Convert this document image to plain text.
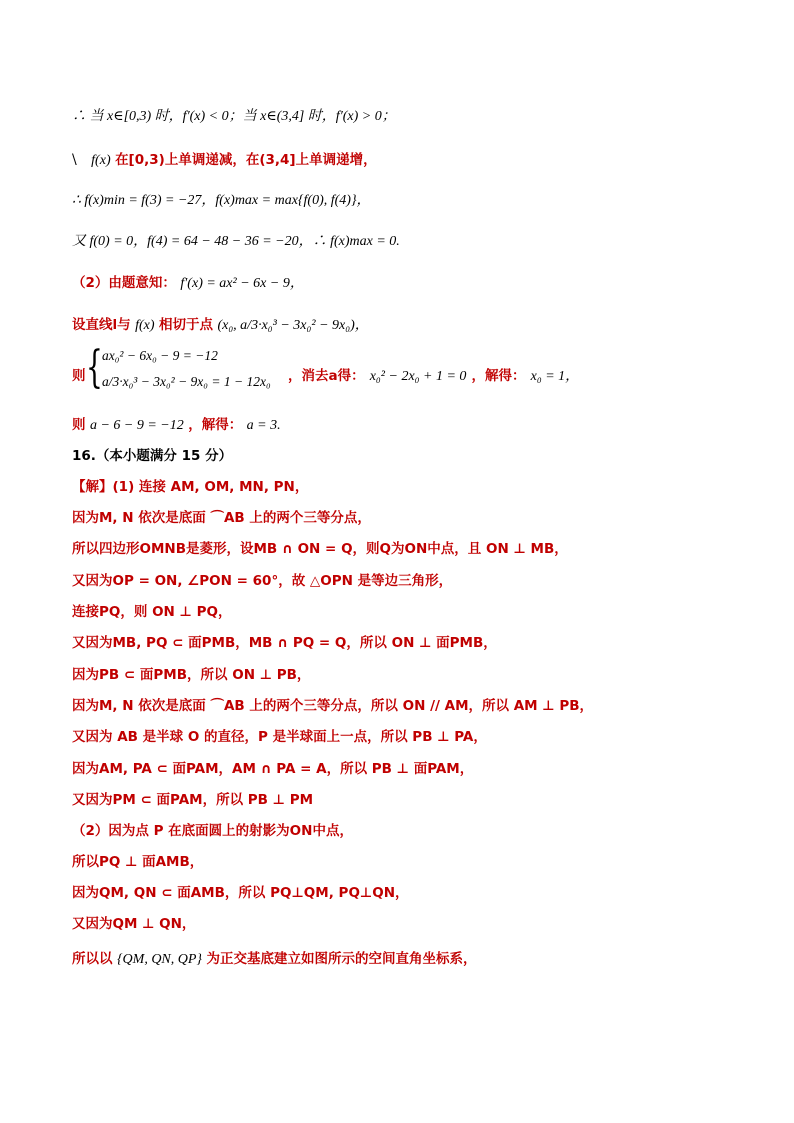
∴ 当 x∈[0,3) 时，f′(x) < 0；当 x∈(3,4] 时，f′(x) > 0；
\ f(x) 在[0,3)上单调递减，在(3,4]上单调递增，
∴ f(x)min = f(3) = −27，f(x)max = max{f(0), f(4)}，
又 f(0) = 0，f(4) = 64 − 48 − 36 = −20，∴ f(x)max = 0.
（2）由题意知： f′(x) = ax² − 6x − 9，
设直线l与 f(x) 相切于点 (x₀, a/3·x₀³ − 3x₀² − 9x₀)，
则 { ax₀² − 6x₀ − 9 = −12
a/3·x₀³ − 3x₀² − 9x₀ = 1 − 12x₀ ，消去a得： x₀² − 2x₀ + 1 = 0 ，解得： x₀ = 1，
则 a − 6 − 9 = −12 ，解得： a = 3.
16.（本小题满分 15 分）
【解】(1) 连接 AM, OM, MN, PN，
因为M, N 依次是底面 ⌒AB 上的两个三等分点，
所以四边形OMNB是菱形，设MB ∩ ON = Q，则Q为ON中点，且 ON ⊥ MB，
又因为OP = ON, ∠PON = 60°，故 △OPN 是等边三角形，
连接PQ，则 ON ⊥ PQ，
又因为MB, PQ ⊂ 面PMB，MB ∩ PQ = Q，所以 ON ⊥ 面PMB，
因为PB ⊂ 面PMB，所以 ON ⊥ PB，
因为M, N 依次是底面 ⌒AB 上的两个三等分点，所以 ON // AM，所以 AM ⊥ PB，
又因为 AB 是半球 O 的直径，P 是半球面上一点，所以 PB ⊥ PA，
因为AM, PA ⊂ 面PAM，AM ∩ PA = A，所以 PB ⊥ 面PAM，
又因为PM ⊂ 面PAM，所以 PB ⊥ PM
（2）因为点 P 在底面圆上的射影为ON中点，
所以PQ ⊥ 面AMB，
因为QM, QN ⊂ 面AMB，所以 PQ⊥QM, PQ⊥QN，
又因为QM ⊥ QN，
所以以 {QM, QN, QP} 为正交基底建立如图所示的空间直角坐标系，
